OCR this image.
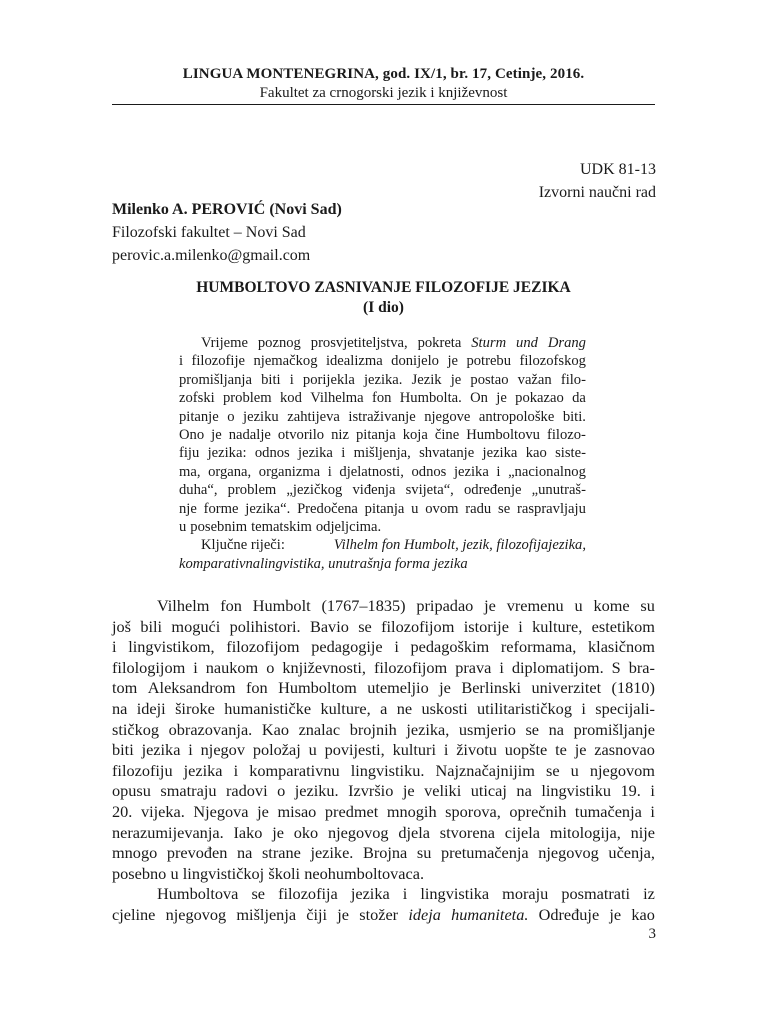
LINGUA MONTENEGRINA, god. IX/1, br. 17, Cetinje, 2016.
Fakultet za crnogorski jezik i književnost
UDK 81-13
Izvorni naučni rad
Milenko A. PEROVIĆ (Novi Sad)
Filozofski fakultet – Novi Sad
perovic.a.milenko@gmail.com
HUMBOLTOVO ZASNIVANJE FILOZOFIJE JEZIKA
(I dio)
Vrijeme poznog prosvjetiteljstva, pokreta Sturm und Drang
i filozofije njemačkog idealizma donijelo je potrebu filozofskog
promišljanja biti i porijekla jezika. Jezik je postao važan filo-
zofski problem kod Vilhelma fon Humbolta. On je pokazao da
pitanje o jeziku zahtijeva istraživanje njegove antropološke biti.
Ono je nadalje otvorilo niz pitanja koja čine Humboltovu filozo-
fiju jezika: odnos jezika i mišljenja, shvatanje jezika kao siste-
ma, organa, organizma i djelatnosti, odnos jezika i „nacionalnog
duha“, problem „jezičkog viđenja svijeta“, određenje „unutraš-
nje forme jezika“. Predočena pitanja u ovom radu se raspravljaju
u posebnim tematskim odjeljcima.
Ključne riječi:	Vilhelm fon Humbolt, jezik, filozofijajezika,
komparativnalingvistika, unutrašnja forma jezika
Vilhelm fon Humbolt (1767–1835) pripadao je vremenu u kome su
još bili mogući polihistori. Bavio se filozofijom istorije i kulture, estetikom
i lingvistikom, filozofijom pedagogije i pedagoškim reformama, klasičnom
filologijom i naukom o književnosti, filozofijom prava i diplomatijom. S bra-
tom Aleksandrom fon Humboltom utemeljio je Berlinski univerzitet (1810)
na ideji široke humanističke kulture, a ne uskosti utilitarističkog i specijali-
stičkog obrazovanja. Kao znalac brojnih jezika, usmjerio se na promišljanje
biti jezika i njegov položaj u povijesti, kulturi i životu uopšte te je zasnovao
filozofiju jezika i komparativnu lingvistiku. Najznačajnijim se u njegovom
opusu smatraju radovi o jeziku. Izvršio je veliki uticaj na lingvistiku 19. i
20. vijeka. Njegova je misao predmet mnogih sporova, oprečnih tumačenja i
nerazumijevanja. Iako je oko njegovog djela stvorena cijela mitologija, nije
mnogo prevođen na strane jezike. Brojna su pretumačenja njegovog učenja,
posebno u lingvističkoj školi neohumboltovaca.
Humboltova se filozofija jezika i lingvistika moraju posmatrati iz
cjeline njegovog mišljenja čiji je stožer ideja humaniteta. Određuje je kao
3
